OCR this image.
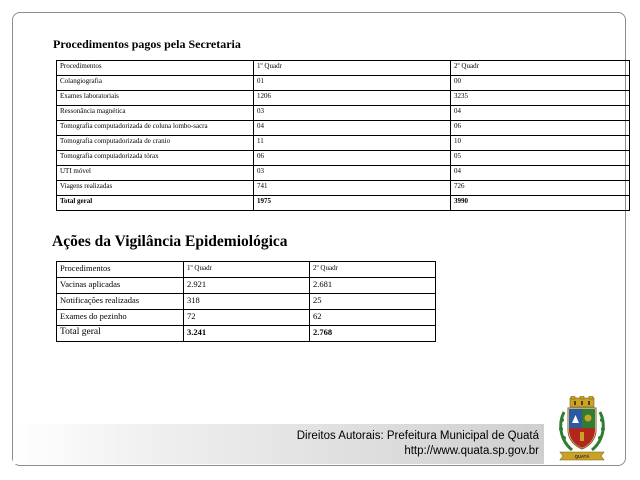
Procedimentos pagos pela Secretaria
Procedimentos	1º Quadr	2º Quadr
Colangiografia	01	00
Exames laboratoriais	1206	3235
Ressonância magnética	03	04
Tomografia computadorizada de coluna lombo-sacra	04	06
Tomografia computadorizada de cranio	11	10
Tomografia computadorizada tórax	06	05
UTI móvel	03	04
Viagens realizadas	741	726
Total geral	1975	3990
Ações da Vigilância Epidemiológica
Procedimentos	1º Quadr	2º Quadr
Vacinas aplicadas	2.921	2.681
Notificações realizadas	318	25
Exames do pezinho	72	62
Total geral	3.241	2.768
Direitos Autorais: Prefeitura Municipal de Quatá
http://www.quata.sp.gov.br	QUATÁ
